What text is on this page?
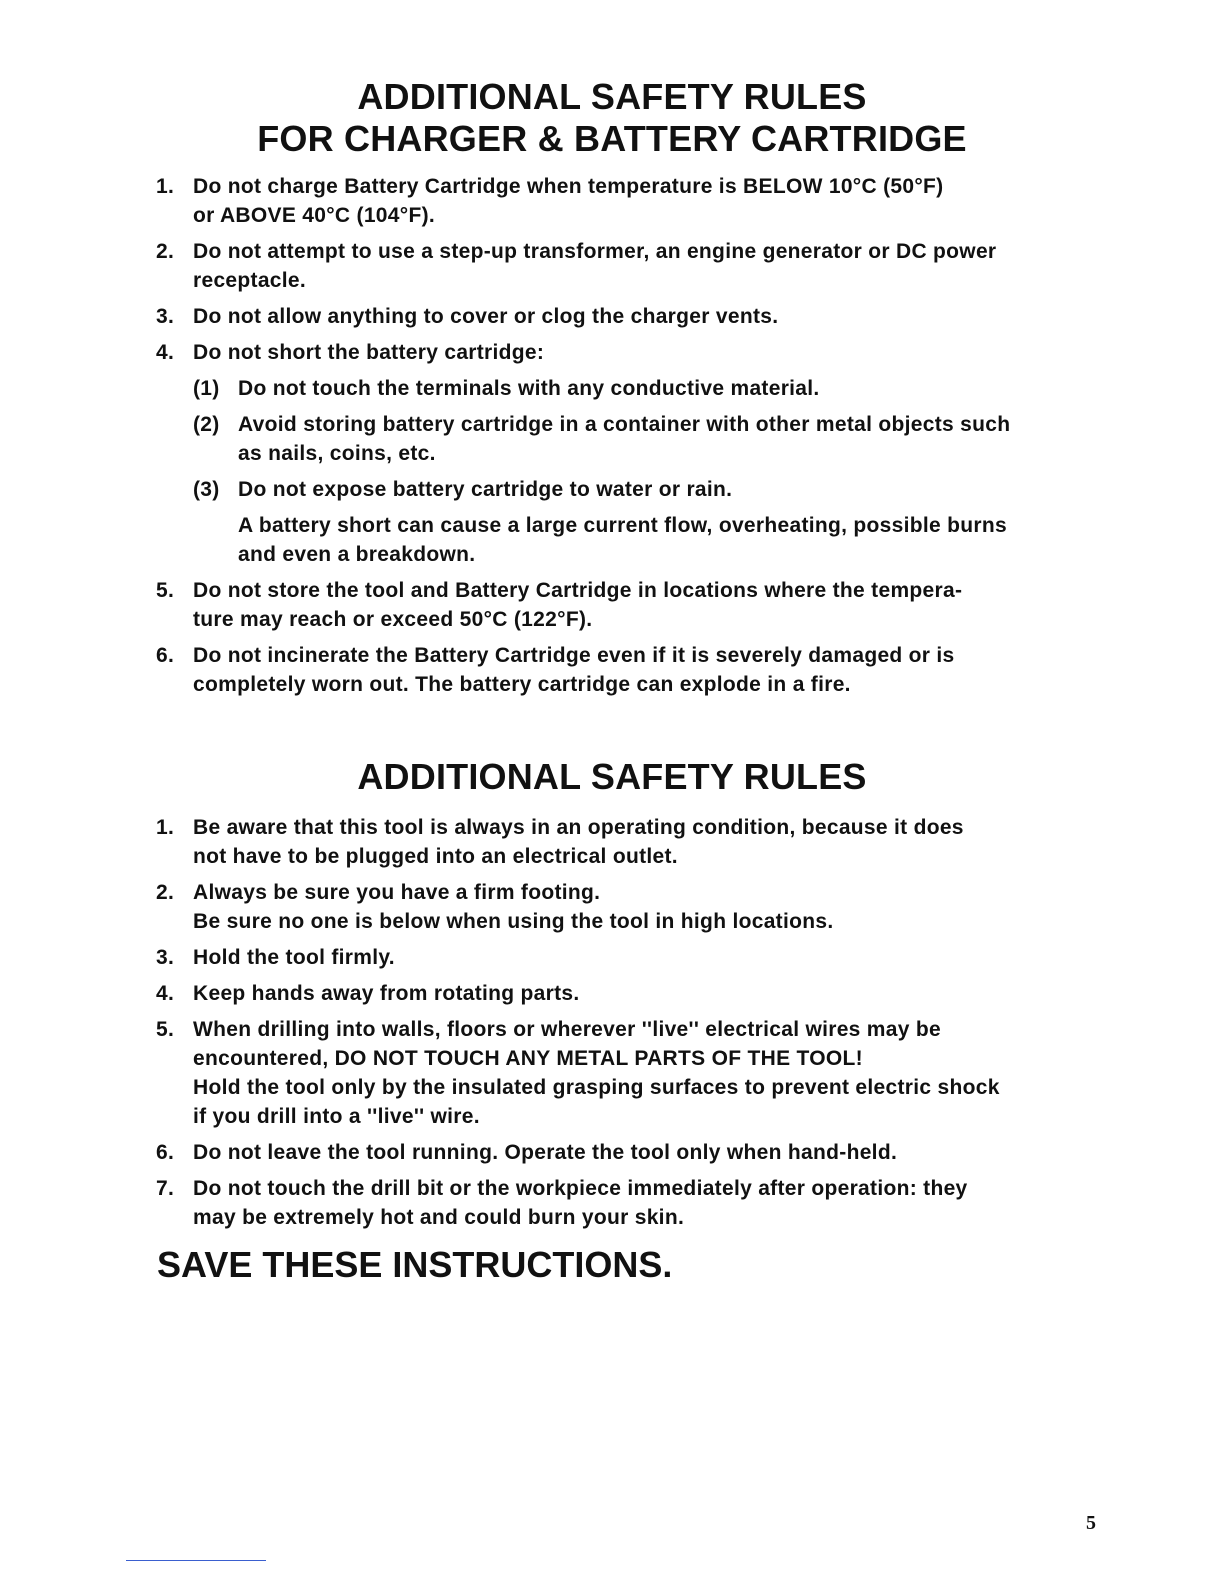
ADDITIONAL SAFETY RULES
FOR CHARGER & BATTERY CARTRIDGE
1. Do not charge Battery Cartridge when temperature is BELOW 10°C (50°F)
or ABOVE 40°C (104°F).
2. Do not attempt to use a step-up transformer, an engine generator or DC power
receptacle.
3. Do not allow anything to cover or clog the charger vents.
4. Do not short the battery cartridge:
(1) Do not touch the terminals with any conductive material.
(2) Avoid storing battery cartridge in a container with other metal objects such
as nails, coins, etc.
(3) Do not expose battery cartridge to water or rain.
A battery short can cause a large current flow, overheating, possible burns
and even a breakdown.
5. Do not store the tool and Battery Cartridge in locations where the tempera-
ture may reach or exceed 50°C (122°F).
6. Do not incinerate the Battery Cartridge even if it is severely damaged or is
completely worn out. The battery cartridge can explode in a fire.
ADDITIONAL SAFETY RULES
1. Be aware that this tool is always in an operating condition, because it does
not have to be plugged into an electrical outlet.
2. Always be sure you have a firm footing.
Be sure no one is below when using the tool in high locations.
3. Hold the tool firmly.
4. Keep hands away from rotating parts.
5. When drilling into walls, floors or wherever ''live'' electrical wires may be
encountered, DO NOT TOUCH ANY METAL PARTS OF THE TOOL!
Hold the tool only by the insulated grasping surfaces to prevent electric shock
if you drill into a ''live'' wire.
6. Do not leave the tool running. Operate the tool only when hand-held.
7. Do not touch the drill bit or the workpiece immediately after operation: they
may be extremely hot and could burn your skin.
SAVE THESE INSTRUCTIONS.
5
